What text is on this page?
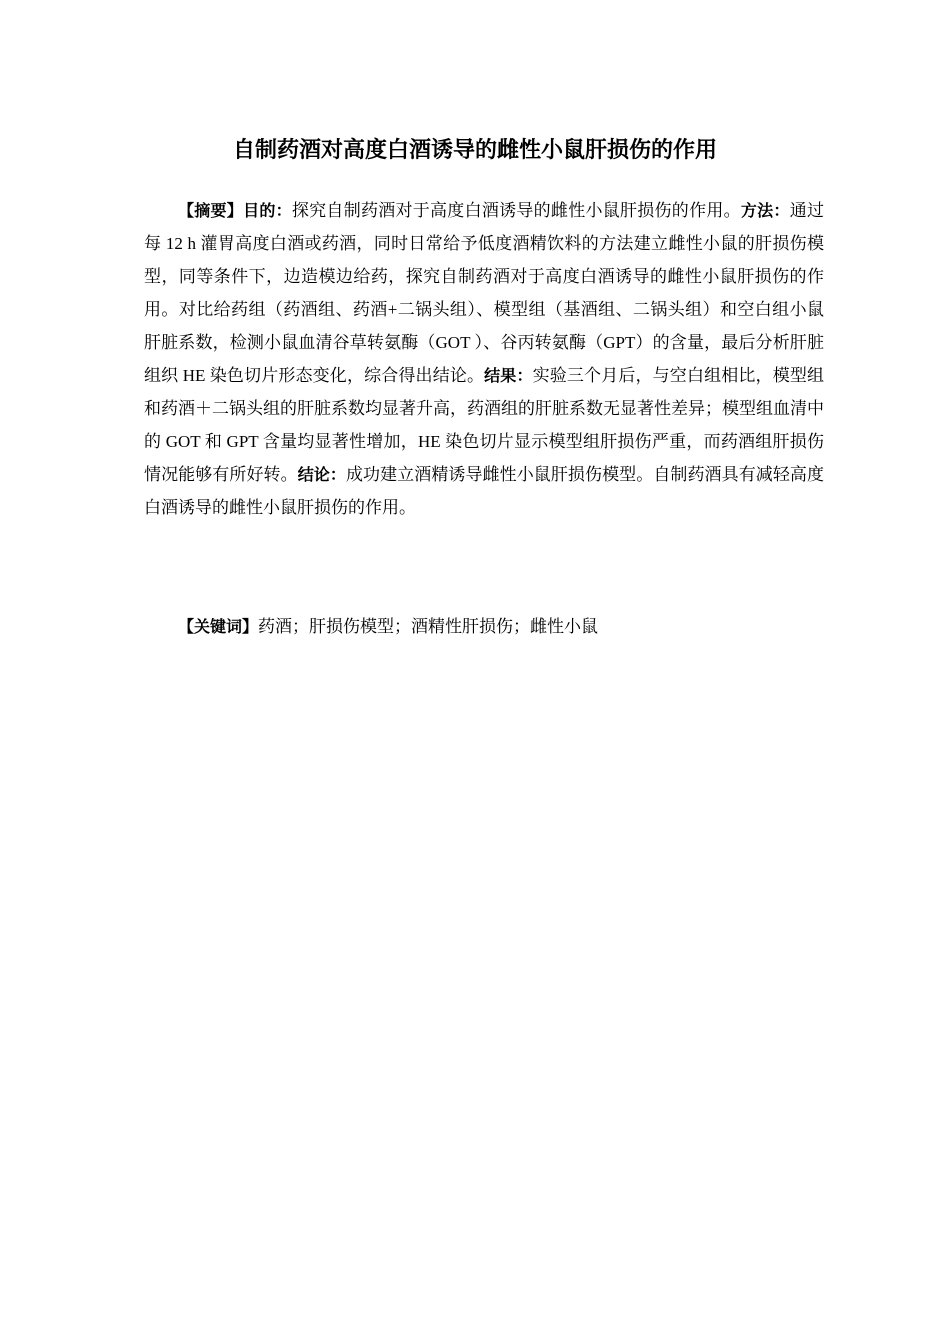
自制药酒对高度白酒诱导的雌性小鼠肝损伤的作用
【摘要】目的：探究自制药酒对于高度白酒诱导的雌性小鼠肝损伤的作用。方法：通过每 12 h 灌胃高度白酒或药酒，同时日常给予低度酒精饮料的方法建立雌性小鼠的肝损伤模型，同等条件下，边造模边给药，探究自制药酒对于高度白酒诱导的雌性小鼠肝损伤的作用。对比给药组（药酒组、药酒+二锅头组）、模型组（基酒组、二锅头组）和空白组小鼠肝脏系数，检测小鼠血清谷草转氨酶（GOT ）、谷丙转氨酶（GPT）的含量，最后分析肝脏组织 HE 染色切片形态变化，综合得出结论。结果：实验三个月后，与空白组相比，模型组和药酒＋二锅头组的肝脏系数均显著升高，药酒组的肝脏系数无显著性差异；模型组血清中的 GOT 和 GPT 含量均显著性增加，HE 染色切片显示模型组肝损伤严重，而药酒组肝损伤情况能够有所好转。结论：成功建立酒精诱导雌性小鼠肝损伤模型。自制药酒具有减轻高度白酒诱导的雌性小鼠肝损伤的作用。
【关键词】药酒；肝损伤模型；酒精性肝损伤；雌性小鼠
